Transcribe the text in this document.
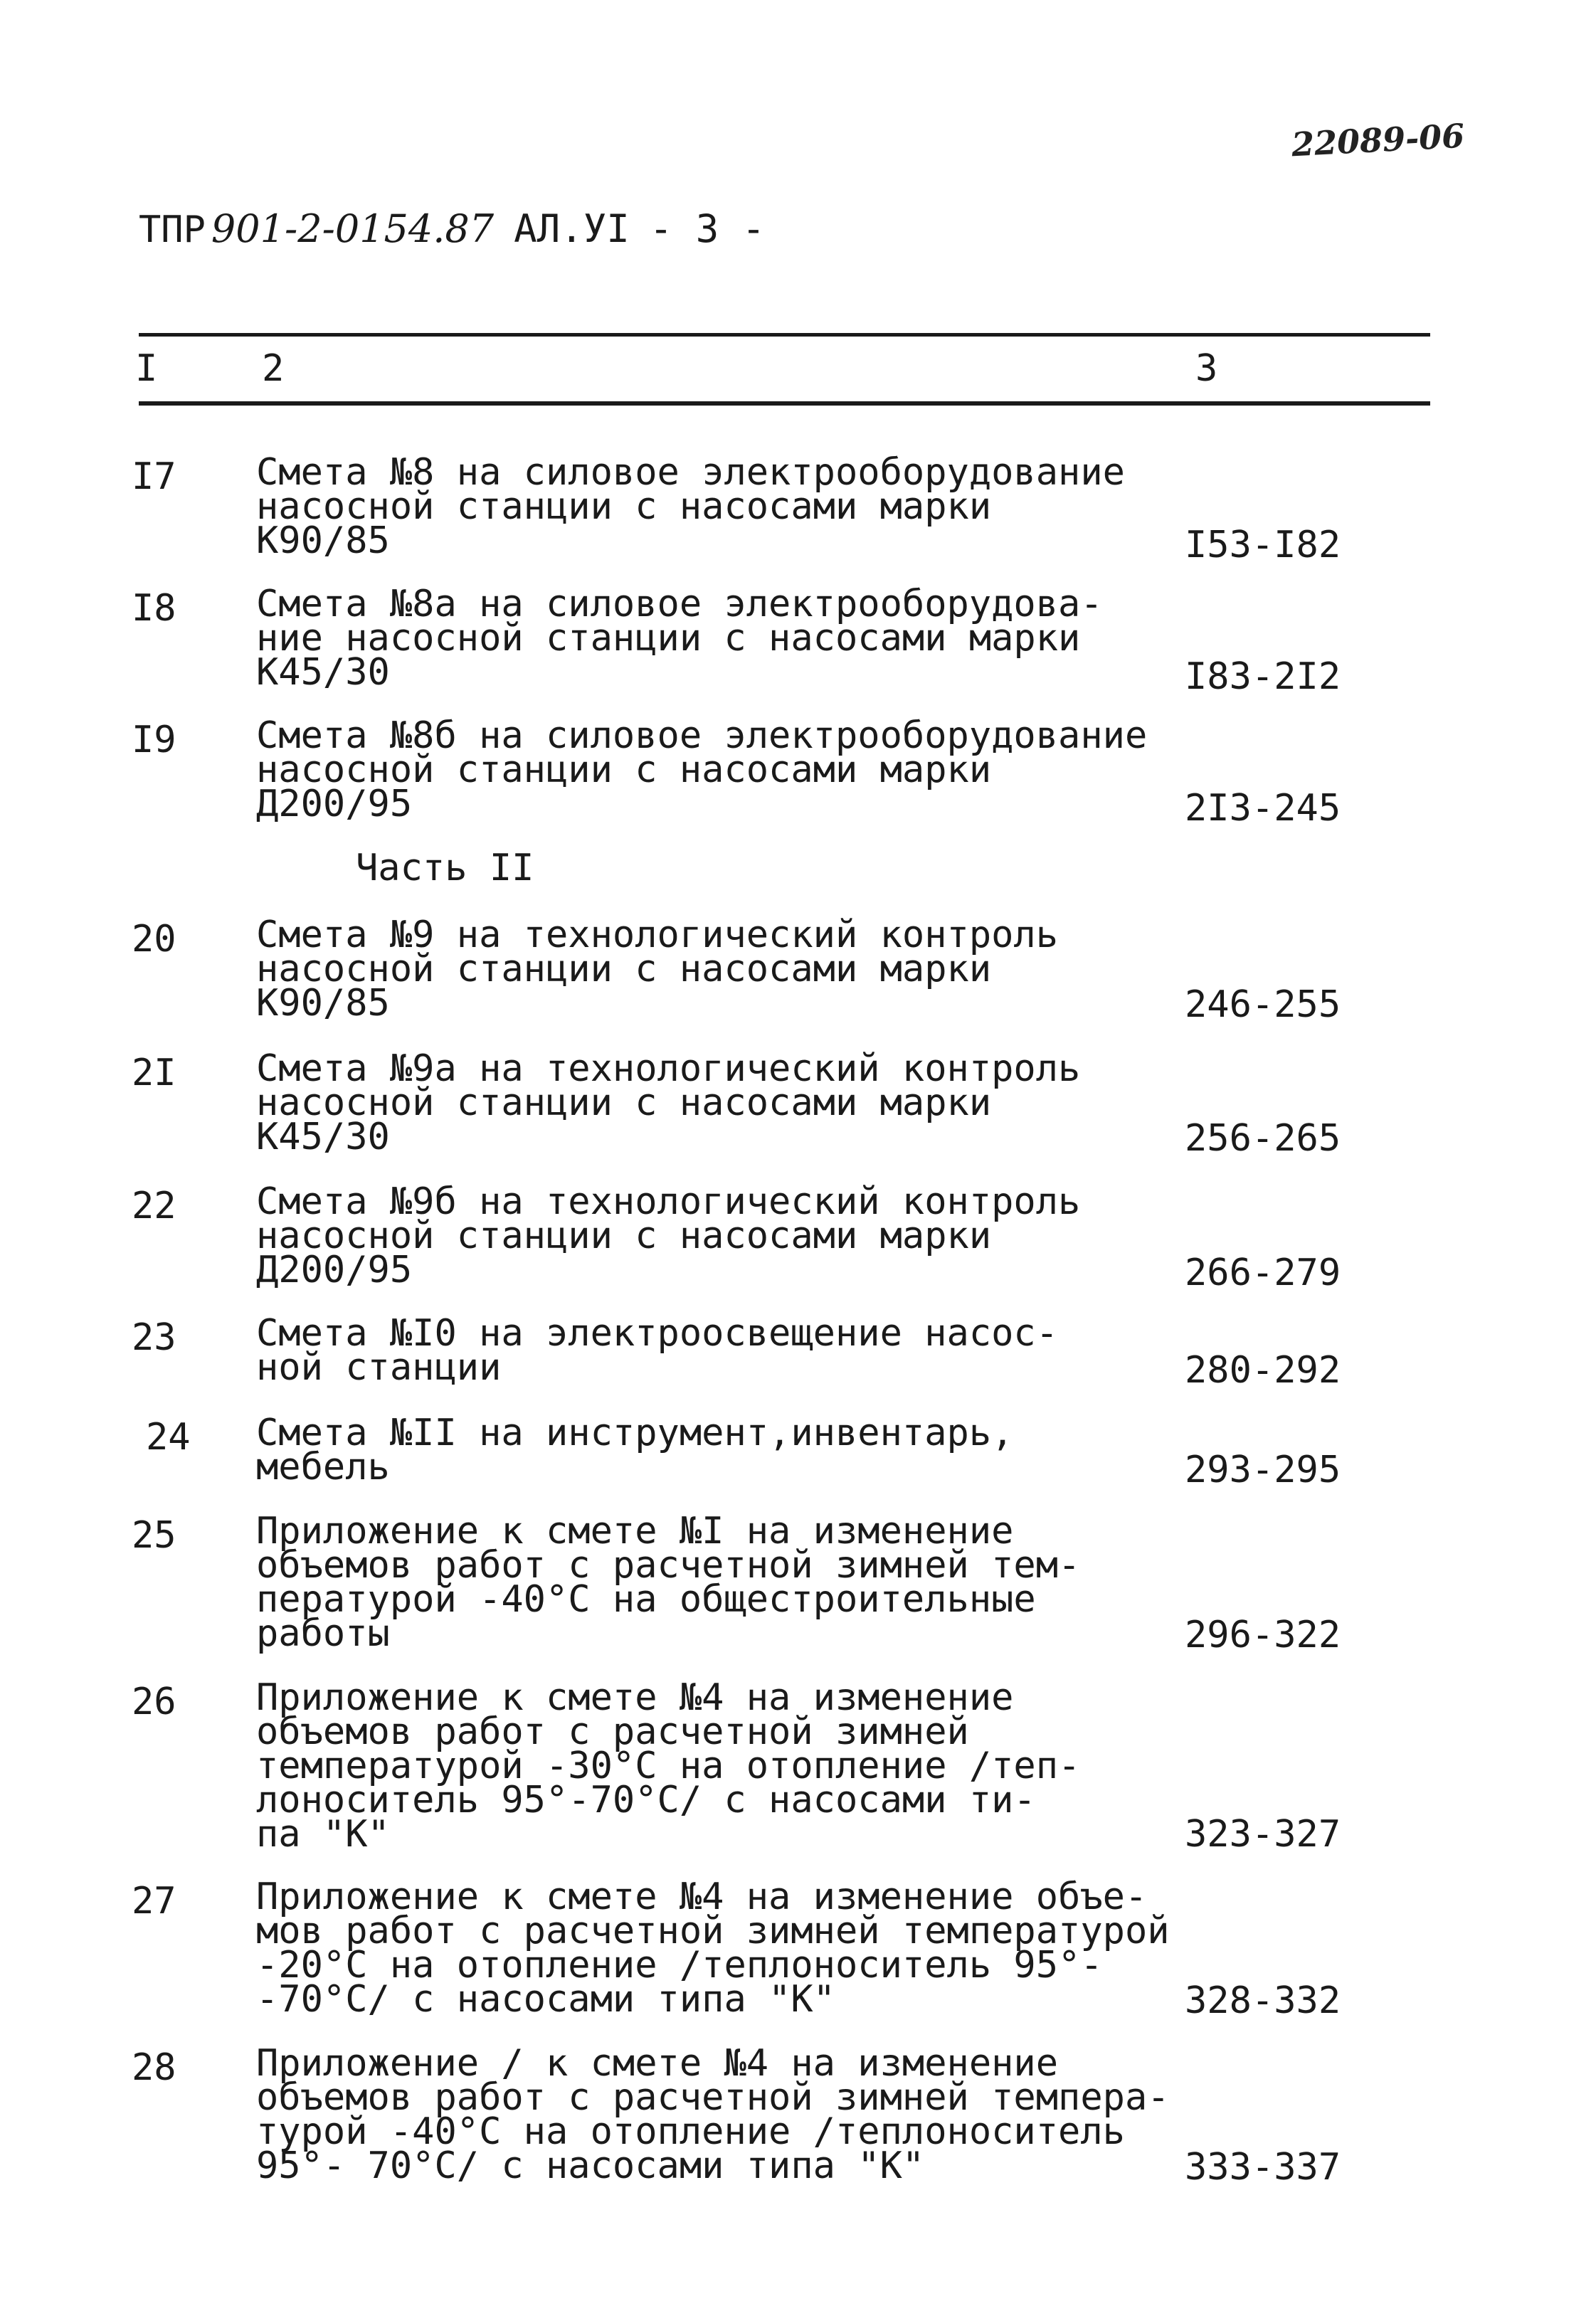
22089-06
ТПР 901-2-0154.87 АЛ.УI - 3 -
I	2	3
I7 Смета №8 на силовое электрооборудование
насосной станции с насосами марки
К90/85	I53-I82
I8 Смета №8а на силовое электрооборудова-
ние насосной станции с насосами марки
К45/30	I83-2I2
I9 Смета №8б на силовое электрооборудование
насосной станции с насосами марки
Д200/95	2I3-245
Часть II
20 Смета №9 на технологический контроль
насосной станции с насосами марки
К90/85	246-255
2I Смета №9а на технологический контроль
насосной станции с насосами марки
К45/30	256-265
22 Смета №9б на технологический контроль
насосной станции с насосами марки
Д200/95	266-279
23 Смета №I0 на электроосвещение насос-
ной станции	280-292
24 Смета №II на инструмент,инвентарь,
мебель	293-295
25 Приложение к смете №I на изменение
объемов работ с расчетной зимней тем-
пературой -40°С на общестроительные
работы	296-322
26 Приложение к смете №4 на изменение
объемов работ с расчетной зимней
температурой -30°С на отопление /теп-
лоноситель 95°-70°С/ с насосами ти-
па "К"	323-327
27 Приложение к смете №4 на изменение объе-
мов работ с расчетной зимней температурой
-20°С на отопление /теплоноситель 95°-
-70°С/ с насосами типа "К"	328-332
28 Приложение / к смете №4 на изменение
объемов работ с расчетной зимней темпера-
турой -40°С на отопление /теплоноситель
95°- 70°С/ с насосами типа "К"	333-337
